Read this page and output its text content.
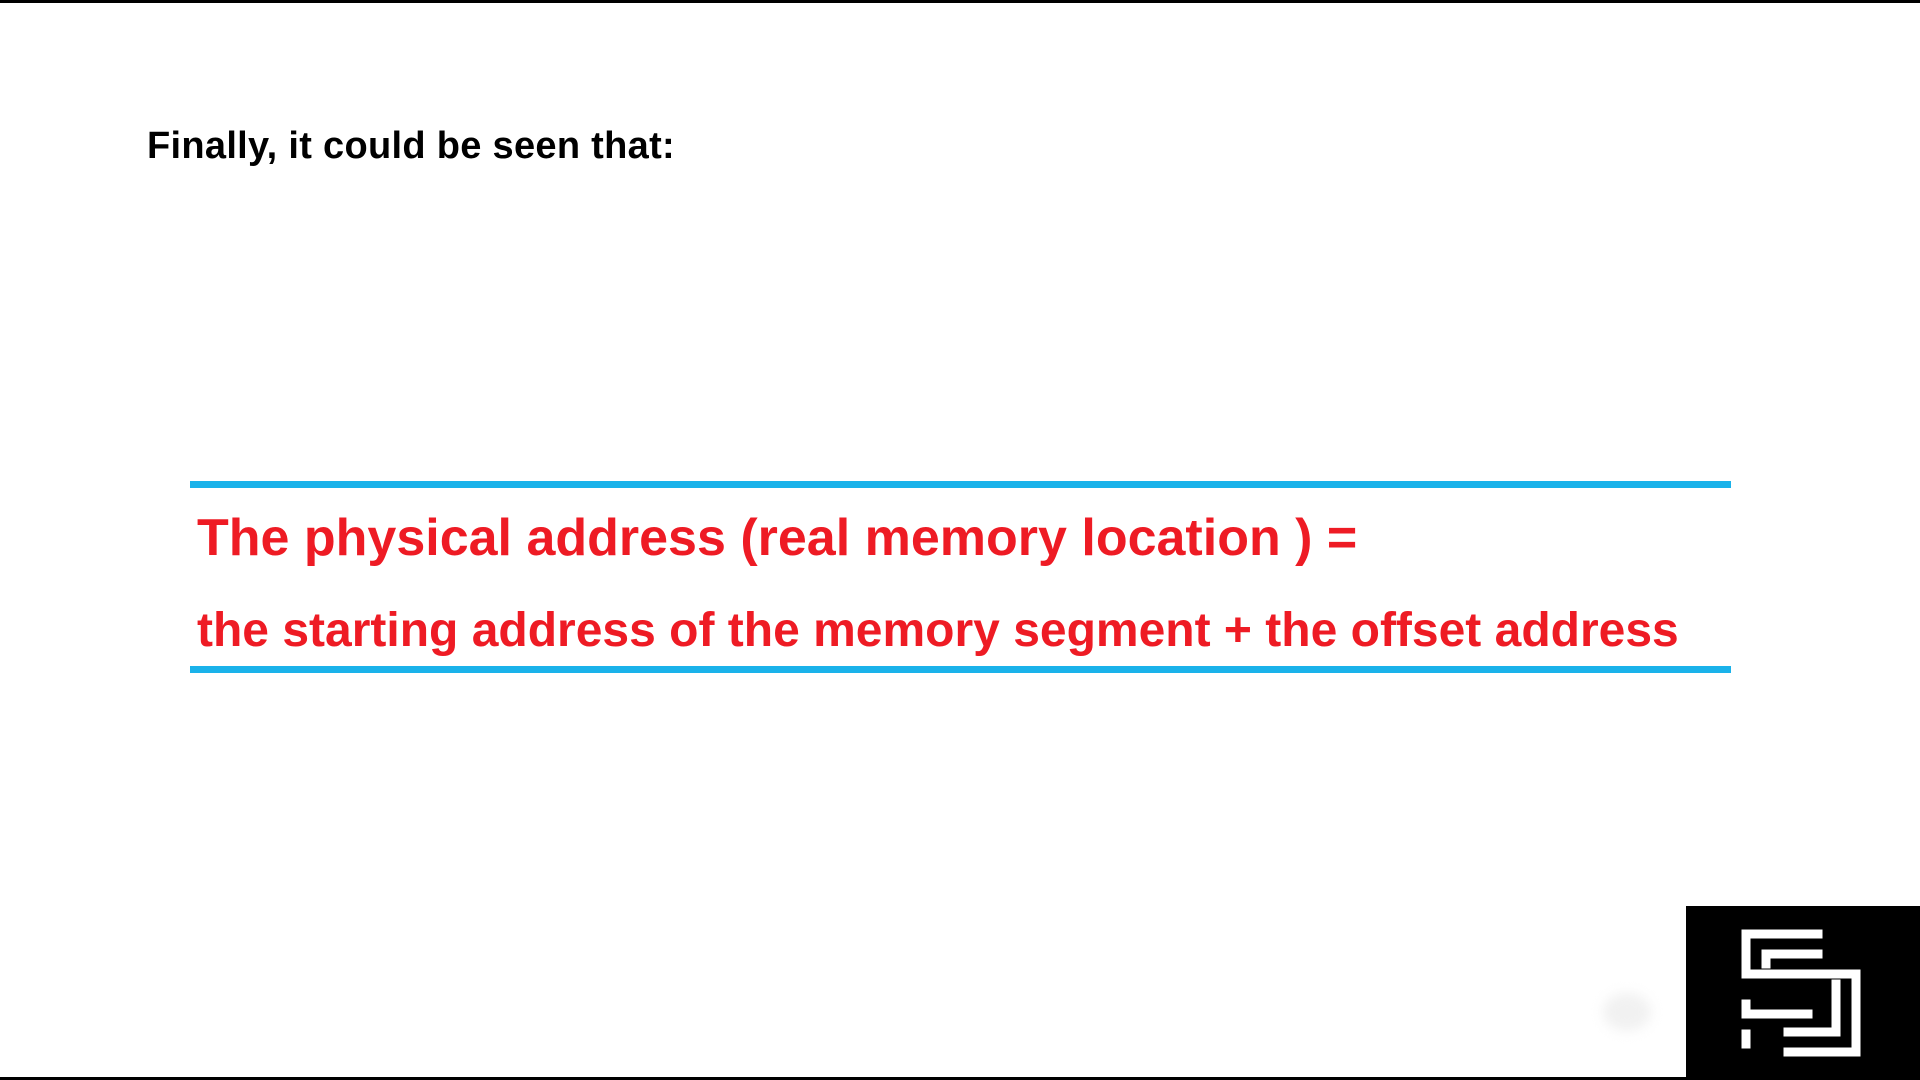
Finally, it could be seen that:

The physical address (real memory location ) =

the starting address of the memory segment + the offset address
